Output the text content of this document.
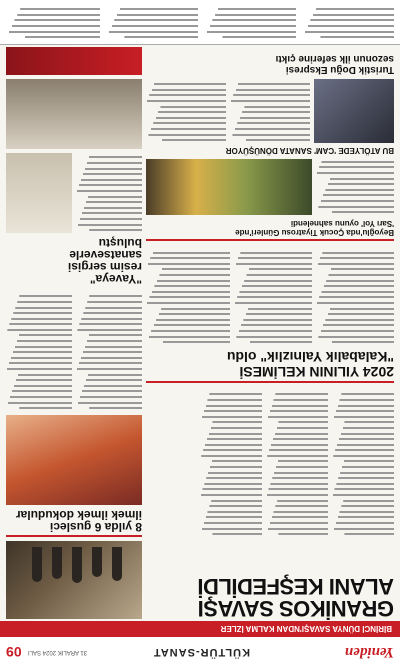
Yeniden
KÜLTÜR-SANAT
31 ARALIK 2024 SALI
09
BİRİNCİ DÜNYA SAVAŞI'NDAN KALMA İZLER
GRANİKOS SAVAŞI
ALANI KEŞFEDİLDİ
8 yılda 6 gusleci
ilmek ilmek dokudular
2024 YILININ KELİMESİ
"Kalabalık Yalnızlık" oldu
"Yaveya"
resim sergisi
sanatseverle
buluştu
Beyoğlu'nda Çocuk Tiyatrosu Günleri'nde
'Sarı Yol' oyunu sahnelendi
BU ATÖLYEDE 'CAM' SANATA DÖNÜŞÜYOR
Turistik Doğu Ekspresi
sezonun ilk seferine çıktı
